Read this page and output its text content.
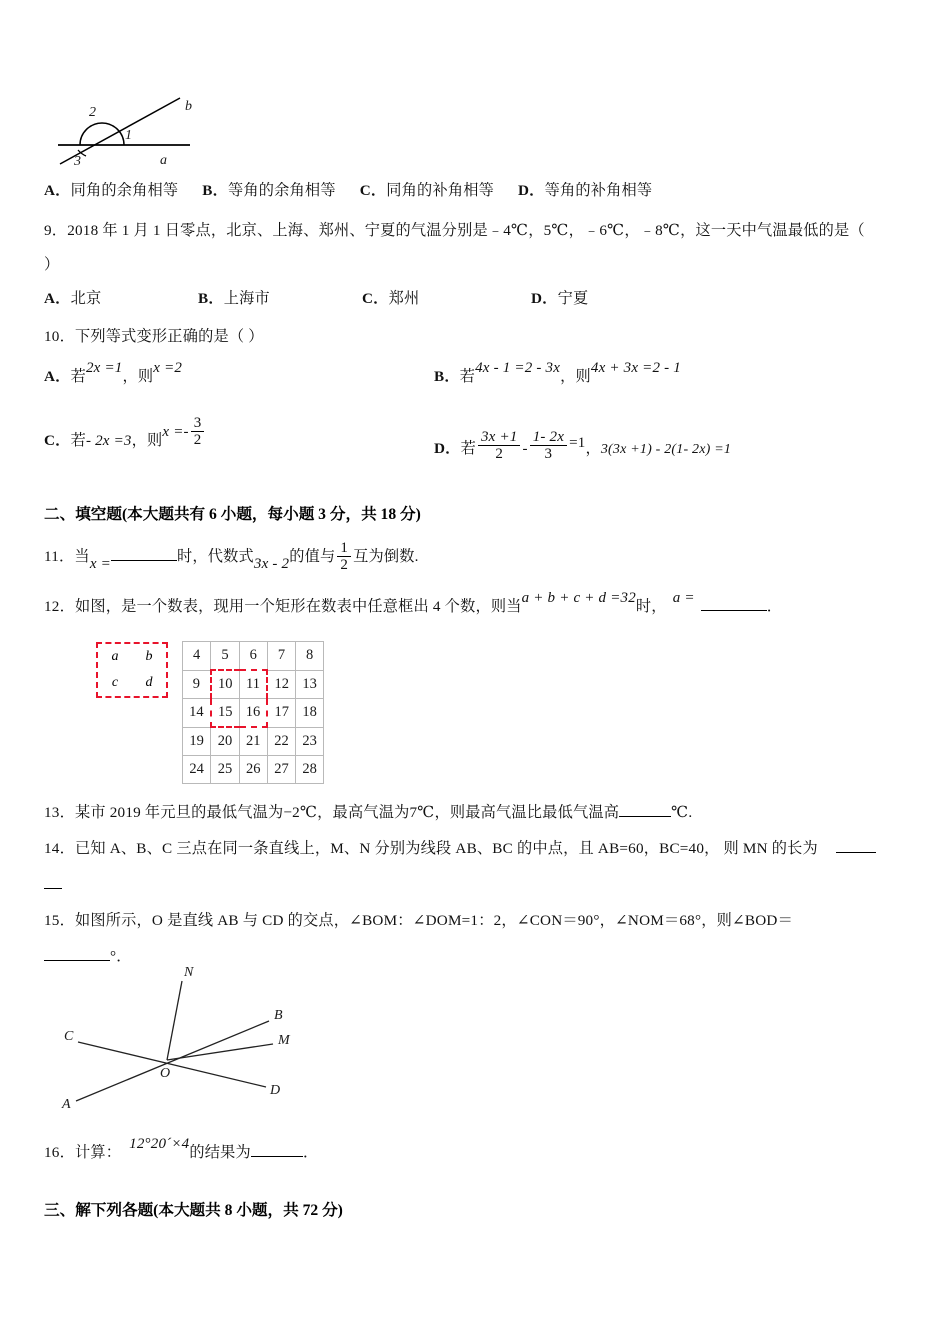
2
1
3
b
a
A．同角的余角相等 B．等角的余角相等 C．同角的补角相等 D．等角的补角相等
9．2018 年 1 月 1 日零点，北京、上海、郑州、宁夏的气温分别是﹣4℃，5℃，﹣6℃，﹣8℃，这一天中气温最低的是（
）
A．北京	B．上海市	C．郑州	D．宁夏
10．下列等式变形正确的是（ ）
A．若2x =1，则x =2	B．若4x - 1 =2 - 3x，则4x + 3x =2 - 1
C．若- 2x =3，则$x =- \frac{3}{2}$
D．若 $\frac{3x +1}{2} - \frac{1- 2x}{3} =1$，3(3x +1) - 2(1- 2x) =1
二、填空题(本大题共有 6 小题，每小题 3 分，共 18 分)
11．当x =	时，代数式3x - 2的值与 $\frac{1}{2}$ 互为倒数.
12．如图，是一个数表，现用一个矩形在数表中任意框出 4 个数，则当a + b + c + d =32时， a =	．
a b
c d
4	5	6	7	8
9	10	11	12	13
14	15	16	17	18
19	20	21	22	23
24	25	26	27	28
13．某市 2019 年元旦的最低气温为−2℃，最高气温为7℃，则最高气温比最低气温高	℃.
14．已知 A、B、C 三点在同一条直线上，M、N 分别为线段 AB、BC 的中点，且 AB=60，BC=40， 则 MN 的长为
15．如图所示，O 是直线 AB 与 CD 的交点，∠BOM：∠DOM=1：2，∠CON＝90°，∠NOM＝68°，则∠BOD＝
°．
N
B
M
C
O
A
D
16．计算： 12°20´×4的结果为	．
三、解下列各题(本大题共 8 小题，共 72 分)
